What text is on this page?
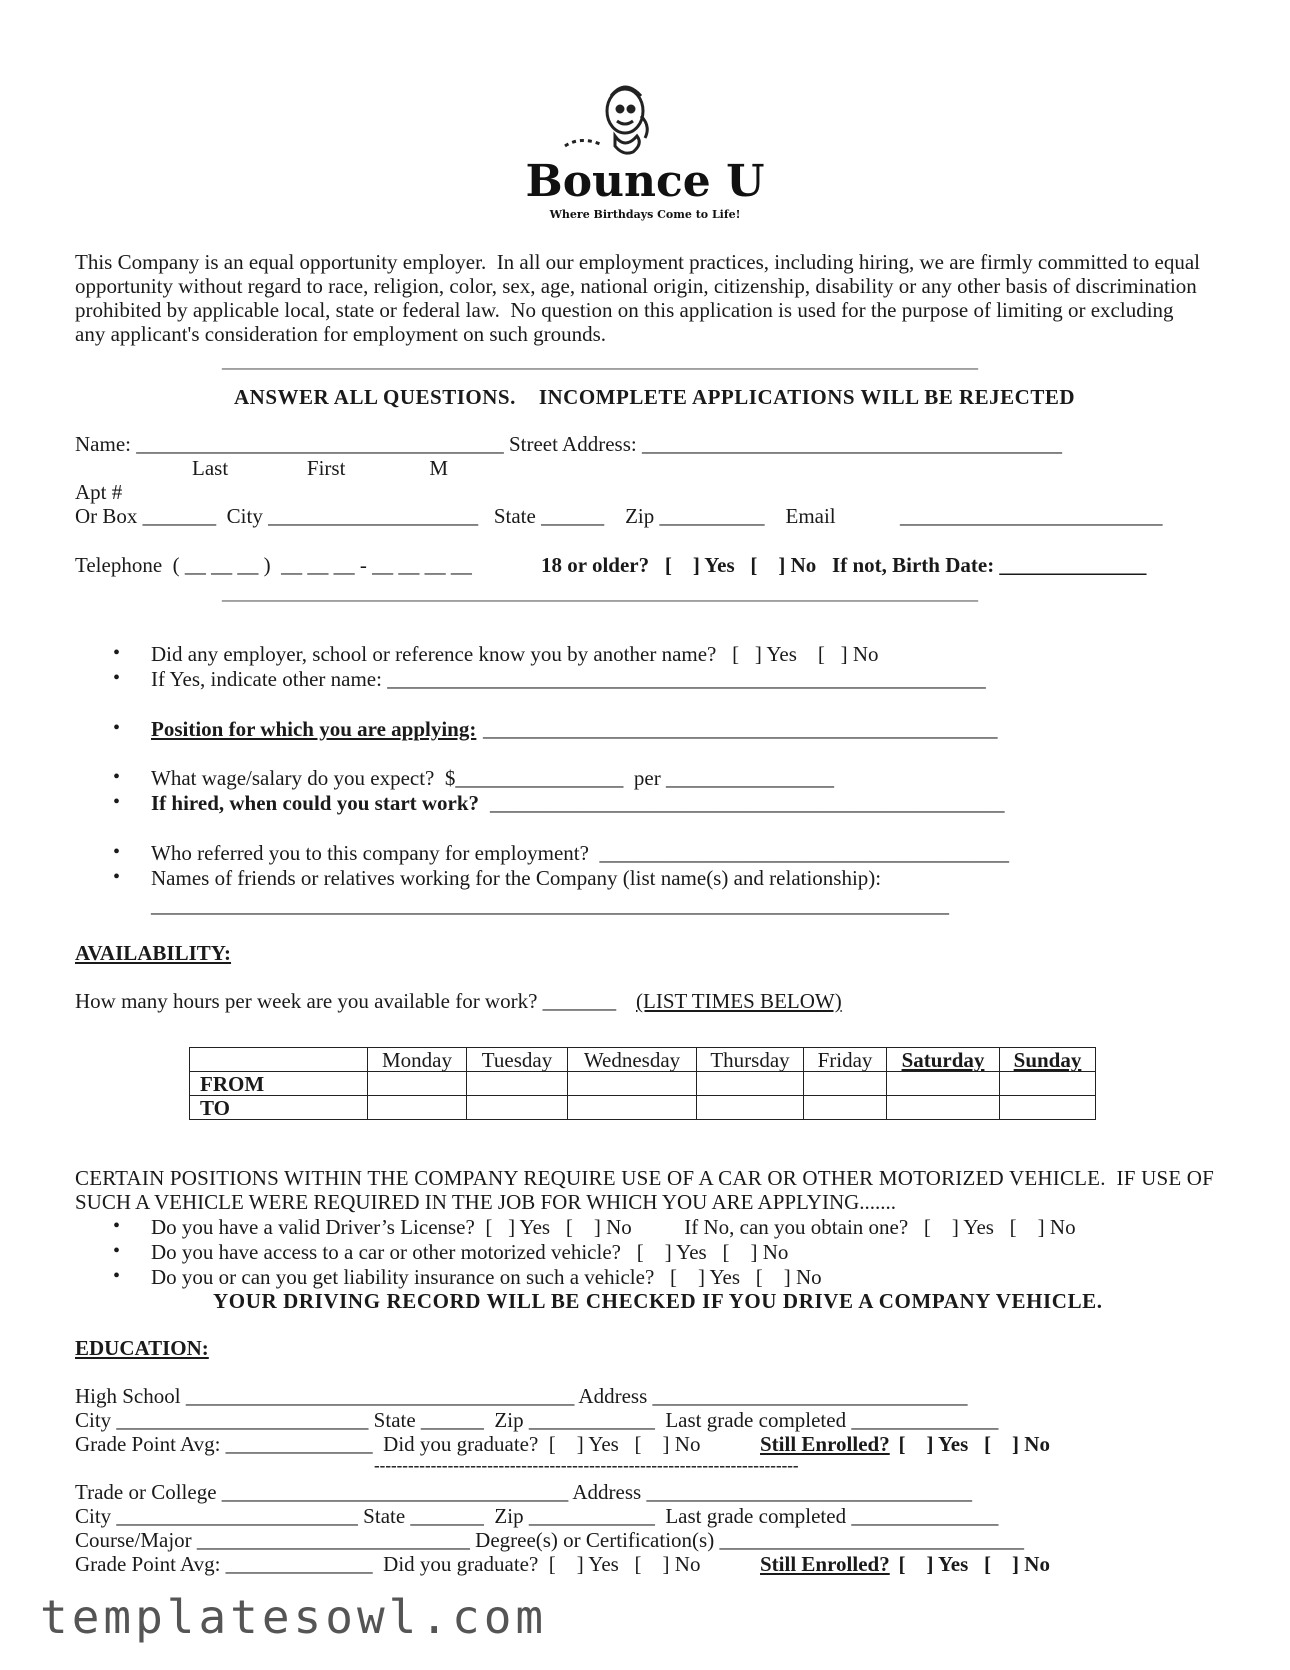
Bounce U
Where Birthdays Come to Life!
This Company is an equal opportunity employer.  In all our employment practices, including hiring, we are firmly committed to equal
opportunity without regard to race, religion, color, sex, age, national origin, citizenship, disability or any other basis of discrimination
prohibited by applicable local, state or federal law.  No question on this application is used for the purpose of limiting or excluding
any applicant's consideration for employment on such grounds.
________________________________________________________________________
ANSWER ALL QUESTIONS.    INCOMPLETE APPLICATIONS WILL BE REJECTED
Name: ___________________________________ Street Address: ________________________________________
Last               First                M
Apt #
Or Box _______  City ____________________   State ______    Zip __________    Email	_________________________
Telephone  ( __ __ __ )  __ __ __ - __ __ __ __	18 or older?   [    ] Yes   [    ] No   If not, Birth Date: ______________
________________________________________________________________________
• Did any employer, school or reference know you by another name?   [   ] Yes    [   ] No
• If Yes, indicate other name: _________________________________________________________
• Position for which you are applying: _________________________________________________
• What wage/salary do you expect?  $________________  per ________________
• If hired, when could you start work? _________________________________________________
• Who referred you to this company for employment?  _______________________________________
• Names of friends or relatives working for the Company (list name(s) and relationship):
____________________________________________________________________________
AVAILABILITY:
How many hours per week are you available for work? _______ (LIST TIMES BELOW)
	Monday	Tuesday	Wednesday	Thursday	Friday	Saturday	Sunday
FROM							
TO							
CERTAIN POSITIONS WITHIN THE COMPANY REQUIRE USE OF A CAR OR OTHER MOTORIZED VEHICLE.  IF USE OF
SUCH A VEHICLE WERE REQUIRED IN THE JOB FOR WHICH YOU ARE APPLYING.......
• Do you have a valid Driver’s License?  [   ] Yes   [    ] No          If No, can you obtain one?   [    ] Yes   [    ] No
• Do you have access to a car or other motorized vehicle?   [    ] Yes   [    ] No
• Do you or can you get liability insurance on such a vehicle?   [    ] Yes   [    ] No
YOUR DRIVING RECORD WILL BE CHECKED IF YOU DRIVE A COMPANY VEHICLE.
EDUCATION:
High School _____________________________________ Address ______________________________
City ________________________ State ______  Zip ____________  Last grade completed ______________
Grade Point Avg: ______________  Did you graduate?  [    ] Yes   [    ] No	Still Enrolled?
[    ] Yes   [    ] No
---------------------------------------------------------------------------
Trade or College _________________________________ Address _______________________________
City _______________________ State _______  Zip ____________  Last grade completed ______________
Course/Major __________________________ Degree(s) or Certification(s) _____________________________
Grade Point Avg: ______________  Did you graduate?  [    ] Yes   [    ] No	Still Enrolled?
[    ] Yes   [    ] No
templatesowl.com
